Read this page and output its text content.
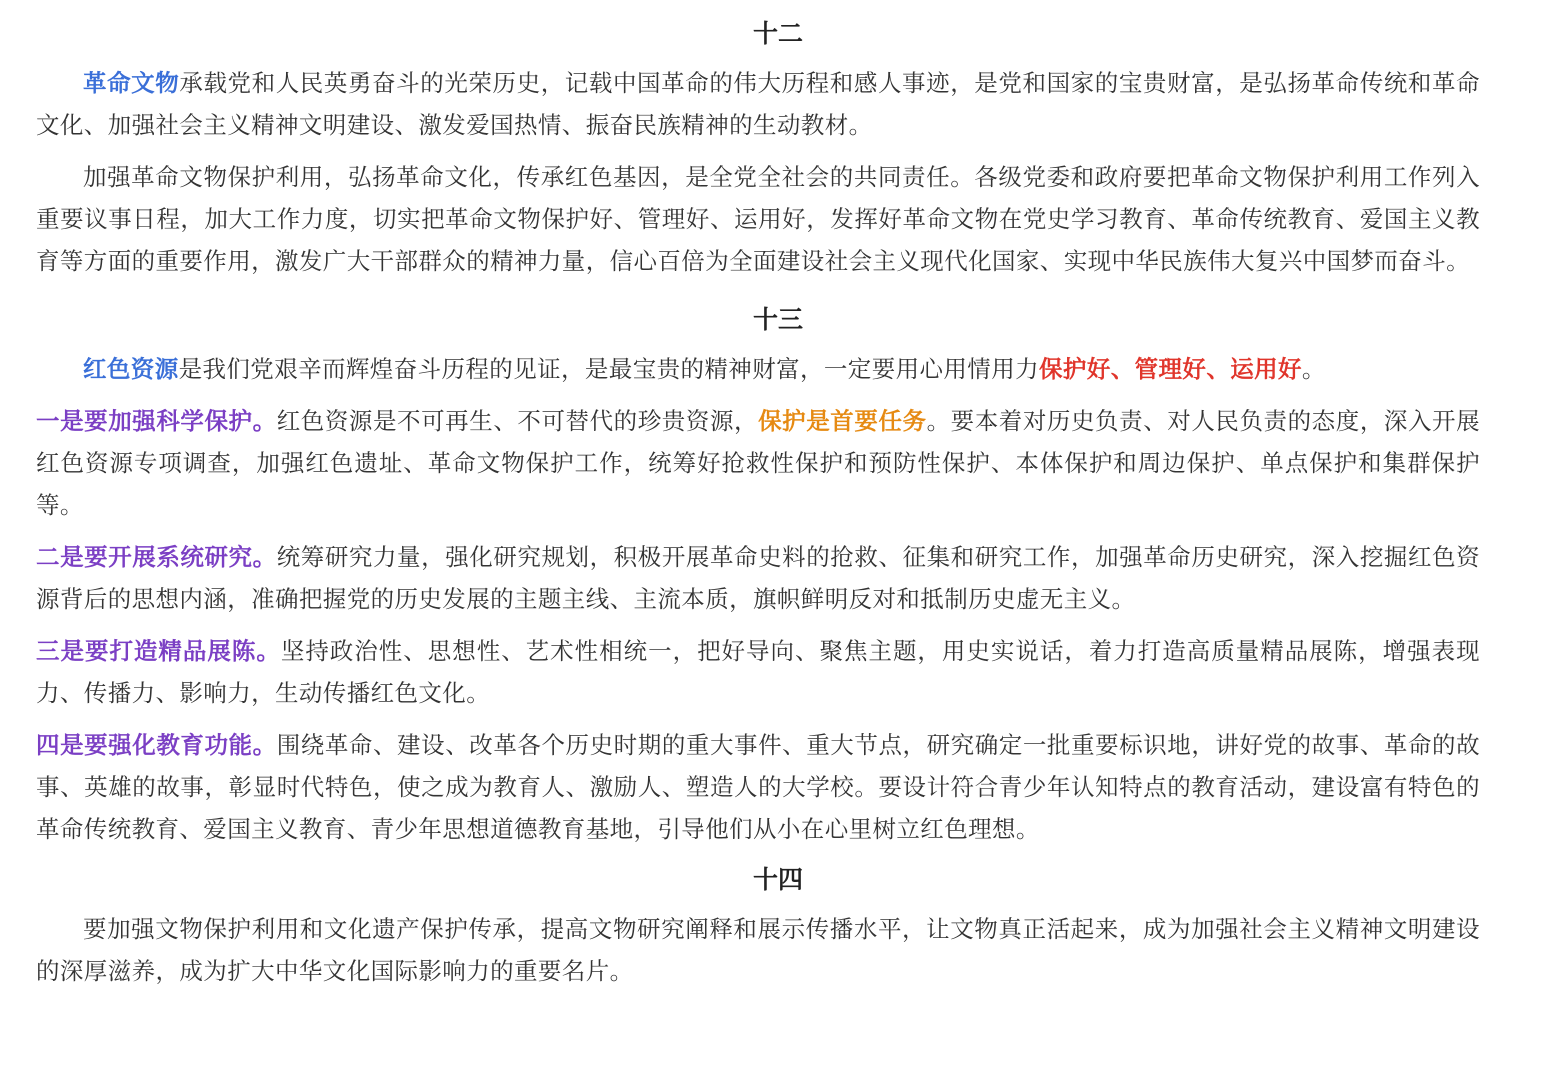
十二

革命文物承载党和人民英勇奋斗的光荣历史，记载中国革命的伟大历程和感人事迹，是党和国家的宝贵财富，是弘扬革命传统和革命文化、加强社会主义精神文明建设、激发爱国热情、振奋民族精神的生动教材。

加强革命文物保护利用，弘扬革命文化，传承红色基因，是全党全社会的共同责任。各级党委和政府要把革命文物保护利用工作列入重要议事日程，加大工作力度，切实把革命文物保护好、管理好、运用好，发挥好革命文物在党史学习教育、革命传统教育、爱国主义教育等方面的重要作用，激发广大干部群众的精神力量，信心百倍为全面建设社会主义现代化国家、实现中华民族伟大复兴中国梦而奋斗。

十三

红色资源是我们党艰辛而辉煌奋斗历程的见证，是最宝贵的精神财富，一定要用心用情用力保护好、管理好、运用好。

一是要加强科学保护。红色资源是不可再生、不可替代的珍贵资源，保护是首要任务。要本着对历史负责、对人民负责的态度，深入开展红色资源专项调查，加强红色遗址、革命文物保护工作，统筹好抢救性保护和预防性保护、本体保护和周边保护、单点保护和集群保护等。

二是要开展系统研究。统筹研究力量，强化研究规划，积极开展革命史料的抢救、征集和研究工作，加强革命历史研究，深入挖掘红色资源背后的思想内涵，准确把握党的历史发展的主题主线、主流本质，旗帜鲜明反对和抵制历史虚无主义。

三是要打造精品展陈。坚持政治性、思想性、艺术性相统一，把好导向、聚焦主题，用史实说话，着力打造高质量精品展陈，增强表现力、传播力、影响力，生动传播红色文化。

四是要强化教育功能。围绕革命、建设、改革各个历史时期的重大事件、重大节点，研究确定一批重要标识地，讲好党的故事、革命的故事、英雄的故事，彰显时代特色，使之成为教育人、激励人、塑造人的大学校。要设计符合青少年认知特点的教育活动，建设富有特色的革命传统教育、爱国主义教育、青少年思想道德教育基地，引导他们从小在心里树立红色理想。

十四

要加强文物保护利用和文化遗产保护传承，提高文物研究阐释和展示传播水平，让文物真正活起来，成为加强社会主义精神文明建设的深厚滋养，成为扩大中华文化国际影响力的重要名片。
